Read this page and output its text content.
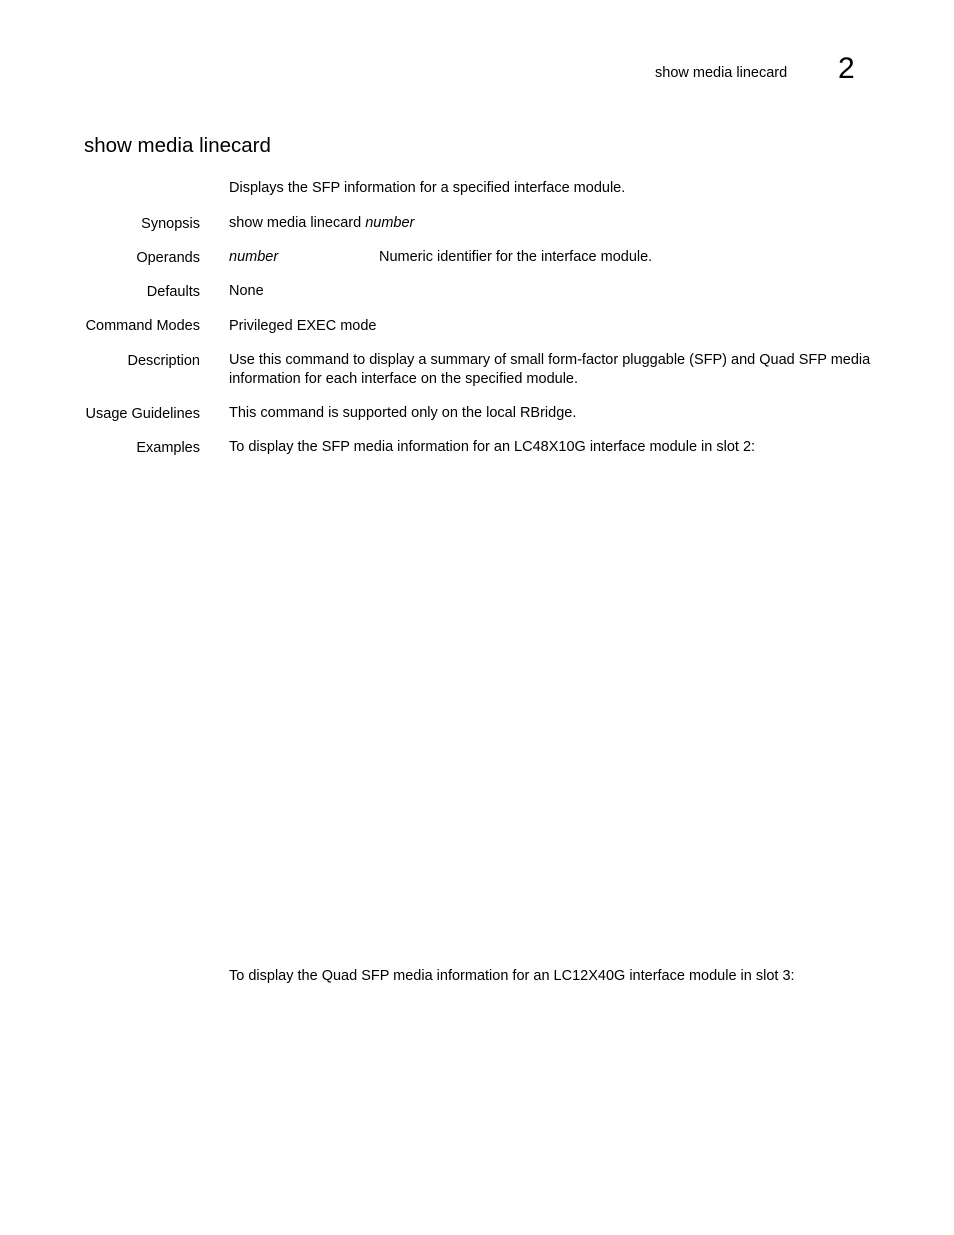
show media linecard 2
show media linecard
Displays the SFP information for a specified interface module.
Synopsis show media linecard number
Operands number	Numeric identifier for the interface module.
Defaults None
Command Modes Privileged EXEC mode
Description Use this command to display a summary of small form-factor pluggable (SFP) and Quad SFP media information for each interface on the specified module.
Usage Guidelines This command is supported only on the local RBridge.
Examples To display the SFP media information for an LC48X10G interface module in slot 2:
To display the Quad SFP media information for an LC12X40G interface module in slot 3:
